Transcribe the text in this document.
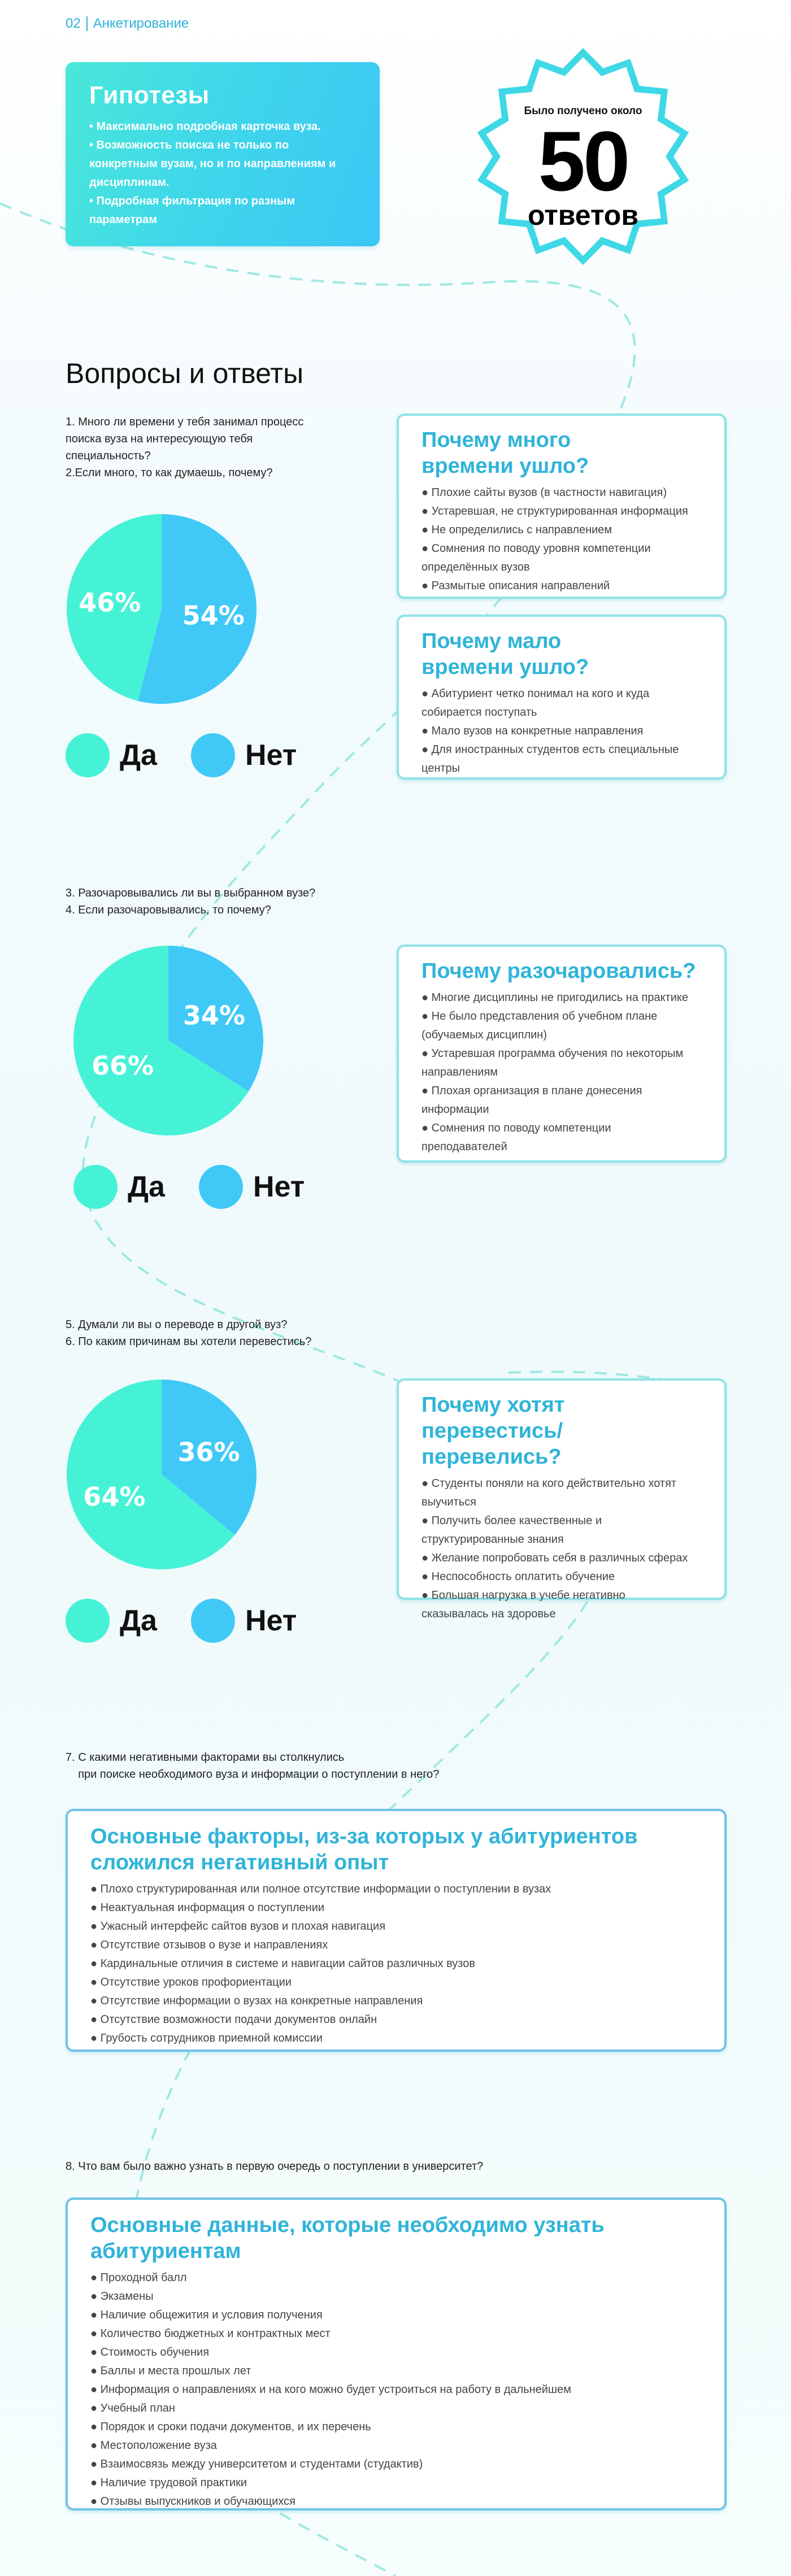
02 Анкетирование
Гипотезы
• Максимально подробная карточка вуза.
• Возможность поиска не только по
конкретным вузам, но и по направлениям и
дисциплинам.
• Подробная фильтрация по разным
параметрам
Было получено около
50
ответов
Вопросы и ответы
1. Много ли времени у тебя занимал процесс
поиска вуза на интересующую тебя
специальность?
2.Если много, то как думаешь, почему?
54%
46%
Да	Нет
Почему много
времени ушло?
● Плохие сайты вузов (в частности навигация)
● Устаревшая, не структурированная информация
● Не определились с направлением
● Сомнения по поводу уровня компетенции
определённых вузов
● Размытые описания направлений
Почему мало
времени ушло?
● Абитуриент четко понимал на кого и куда
собирается поступать
● Мало вузов на конкретные направления
● Для иностранных студентов есть специальные
центры
3. Разочаровывались ли вы в выбранном вузе?
4. Если разочаровывались, то почему?
34%
66%
Да	Нет
Почему разочаровались?
● Многие дисциплины не пригодились на практике
● Не было представления об учебном плане
(обучаемых дисциплин)
● Устаревшая программа обучения по некоторым
направлениям
● Плохая организация в плане донесения
информации
● Сомнения по поводу компетенции
преподавателей
5. Думали ли вы о переводе в другой вуз?
6. По каким причинам вы хотели перевестись?
36%
64%
Да	Нет
Почему хотят
перевестись/перевелись?
● Студенты поняли на кого действительно хотят
выучиться
● Получить более качественные и
структурированные знания
● Желание попробовать себя в различных сферах
● Неспособность оплатить обучение
● Большая нагрузка в учебе негативно
сказывалась на здоровье
7. С какими негативными факторами вы столкнулись
при поиске необходимого вуза и информации о поступлении в него?
Основные факторы, из-за которых у абитуриентов
сложился негативный опыт
● Плохо структурированная или полное отсутствие информации о поступлении в вузах
● Неактуальная информация о поступлении
● Ужасный интерфейс сайтов вузов и плохая навигация
● Отсутствие отзывов о вузе и направлениях
● Кардинальные отличия в системе и навигации сайтов различных вузов
● Отсутствие уроков профориентации
● Отсутствие информации о вузах на конкретные направления
● Отсутствие возможности подачи документов онлайн
● Грубость сотрудников приемной комиссии
8. Что вам было важно узнать в первую очередь о поступлении в университет?
Основные данные, которые необходимо узнать
абитуриентам
● Проходной балл
● Экзамены
● Наличие общежития и условия получения
● Количество бюджетных и контрактных мест
● Стоимость обучения
● Баллы и места прошлых лет
● Информация о направлениях и на кого можно будет устроиться на работу в дальнейшем
● Учебный план
● Порядок и сроки подачи документов, и их перечень
● Местоположение вуза
● Взаимосвязь между университетом и студентами (студактив)
● Наличие трудовой практики
● Отзывы выпускников и обучающихся
